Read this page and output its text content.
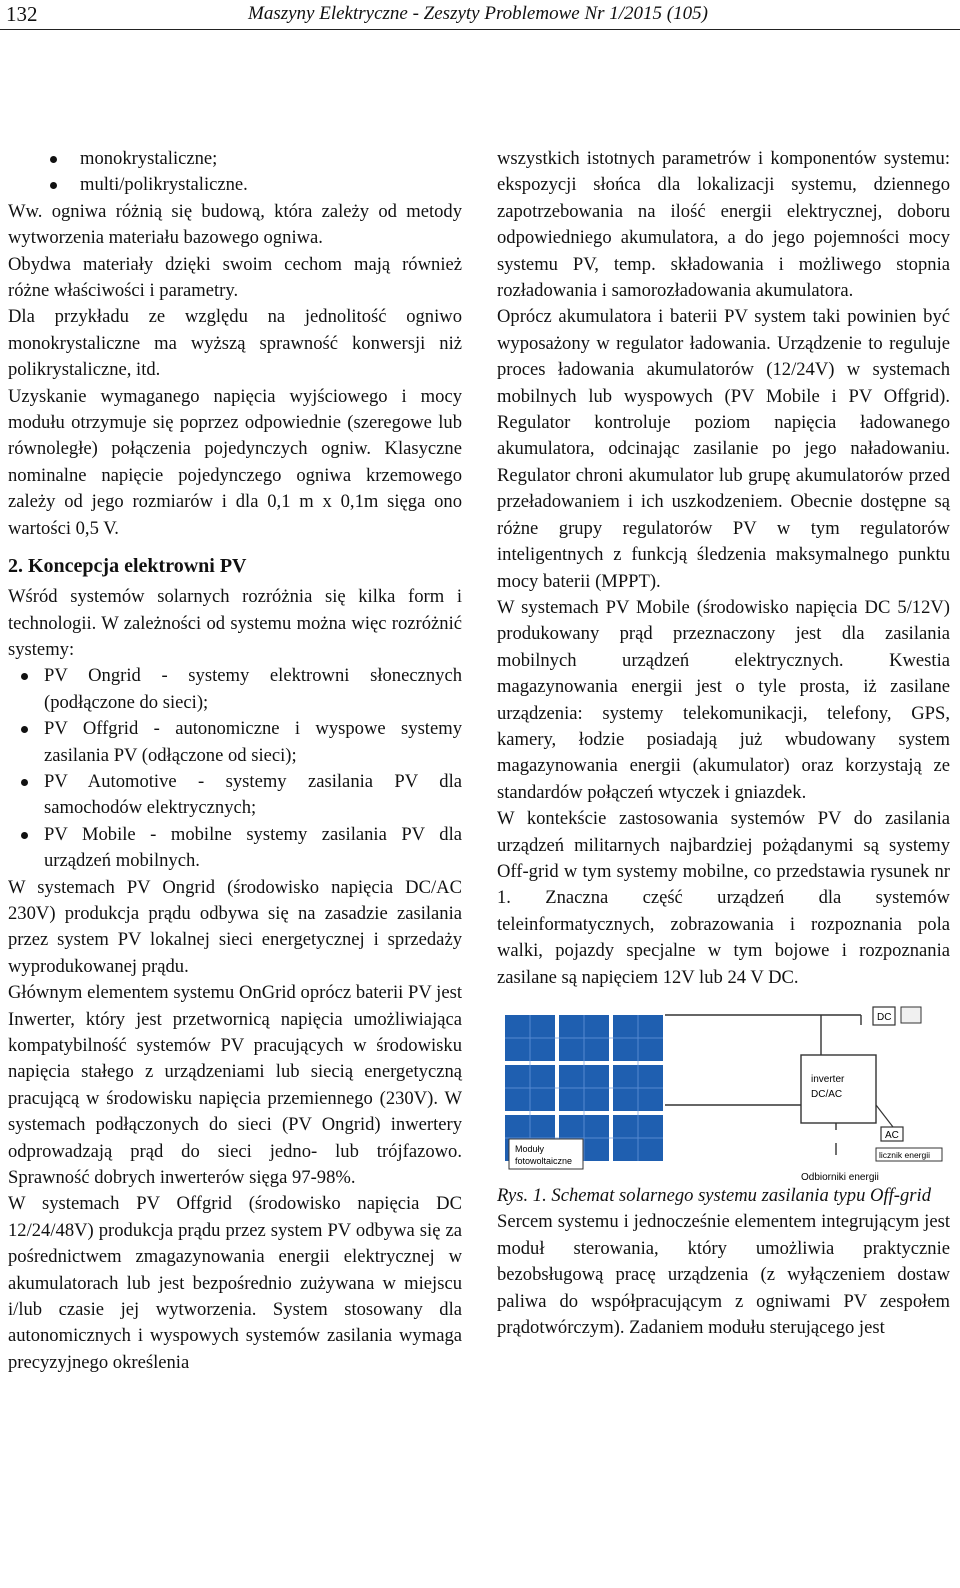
132	Maszyny Elektryczne - Zeszyty Problemowe Nr 1/2015 (105)
monokrystaliczne;
multi/polikrystaliczne.

Ww. ogniwa różnią się budową, która zależy od metody wytworzenia materiału bazowego ogniwa.

Obydwa materiały dzięki swoim cechom mają również różne właściwości i parametry.

Dla przykładu ze względu na jednolitość ogniwo monokrystaliczne ma wyższą sprawność konwersji niż polikrystaliczne, itd.

Uzyskanie wymaganego napięcia wyjściowego i mocy modułu otrzymuje się poprzez odpowiednie (szeregowe lub równoległe) połączenia pojedynczych ogniw. Klasyczne nominalne napięcie pojedynczego ogniwa krzemowego zależy od jego rozmiarów i dla 0,1 m x 0,1m sięga ono wartości 0,5 V.

2. Koncepcja elektrowni PV

Wśród systemów solarnych rozróżnia się kilka form i technologii. W zależności od systemu można więc rozróżnić systemy:

PV Ongrid - systemy elektrowni słonecznych (podłączone do sieci);
PV Offgrid - autonomiczne i wyspowe systemy zasilania PV (odłączone od sieci);
PV Automotive - systemy zasilania PV dla samochodów elektrycznych;
PV Mobile - mobilne systemy zasilania PV dla urządzeń mobilnych.

W systemach PV Ongrid (środowisko napięcia DC/AC 230V) produkcja prądu odbywa się na zasadzie zasilania przez system PV lokalnej sieci energetycznej i sprzedaży wyprodukowanej prądu.

Głównym elementem systemu OnGrid oprócz baterii PV jest Inwerter, który jest przetwornicą napięcia umożliwiająca kompatybilność systemów PV pracujących w środowisku napięcia stałego z urządzeniami lub siecią energetyczną pracującą w środowisku napięcia przemiennego (230V). W systemach podłączonych do sieci (PV Ongrid) inwertery odprowadzają prąd do sieci jedno- lub trójfazowo. Sprawność dobrych inwerterów sięga 97-98%.

W systemach PV Offgrid (środowisko napięcia DC 12/24/48V) produkcja prądu przez system PV odbywa się za pośrednictwem zmagazynowania energii elektrycznej w akumulatorach lub jest bezpośrednio zużywana w miejscu i/lub czasie jej wytworzenia. System stosowany dla autonomicznych i wyspowych systemów zasilania wymaga precyzyjnego określenia

wszystkich istotnych parametrów i komponentów systemu: ekspozycji słońca dla lokalizacji systemu, dziennego zapotrzebowania na ilość energii elektrycznej, doboru odpowiedniego akumulatora, a do jego pojemności mocy systemu PV, temp. składowania i możliwego stopnia rozładowania i samorozładowania akumulatora.

Oprócz akumulatora i baterii PV system taki powinien być wyposażony w regulator ładowania. Urządzenie to reguluje proces ładowania akumulatorów (12/24V) w systemach mobilnych lub wyspowych (PV Mobile i PV Offgrid). Regulator kontroluje poziom napięcia ładowanego akumulatora, odcinając zasilanie po jego naładowaniu. Regulator chroni akumulator lub grupę akumulatorów przed przeładowaniem i ich uszkodzeniem. Obecnie dostępne są różne grupy regulatorów PV w tym regulatorów inteligentnych z funkcją śledzenia maksymalnego punktu mocy baterii (MPPT).

W systemach PV Mobile (środowisko napięcia DC 5/12V) produkowany prąd przeznaczony jest dla zasilania mobilnych urządzeń elektrycznych. Kwestia magazynowania energii jest o tyle prosta, iż zasilane urządzenia: systemy telekomunikacji, telefony, GPS, kamery, łodzie posiadają już wbudowany system magazynowania energii (akumulator) oraz korzystają ze standardów połączeń wtyczek i gniazdek.

W kontekście zastosowania systemów PV do zasilania urządzeń militarnych najbardziej pożądanymi są systemy Off-grid w tym systemy mobilne, co przedstawia rysunek nr 1. Znaczna część urządzeń dla systemów teleinformatycznych, zobrazowania i rozpoznania pola walki, pojazdy specjalne w tym bojowe i rozpoznania zasilane są napięciem 12V lub 24 V DC.

Moduły
fotowoltaiczne
DC
inverter
DC/AC
AC
licznik energii
Odbiorniki energii

Rys. 1. Schemat solarnego systemu zasilania typu Off-grid

Sercem systemu i jednocześnie elementem integrującym jest moduł sterowania, który umożliwia praktycznie bezobsługową pracę urządzenia (z wyłączeniem dostaw paliwa do współpracującym z ogniwami PV zespołem prądotwórczym). Zadaniem modułu sterującego jest
